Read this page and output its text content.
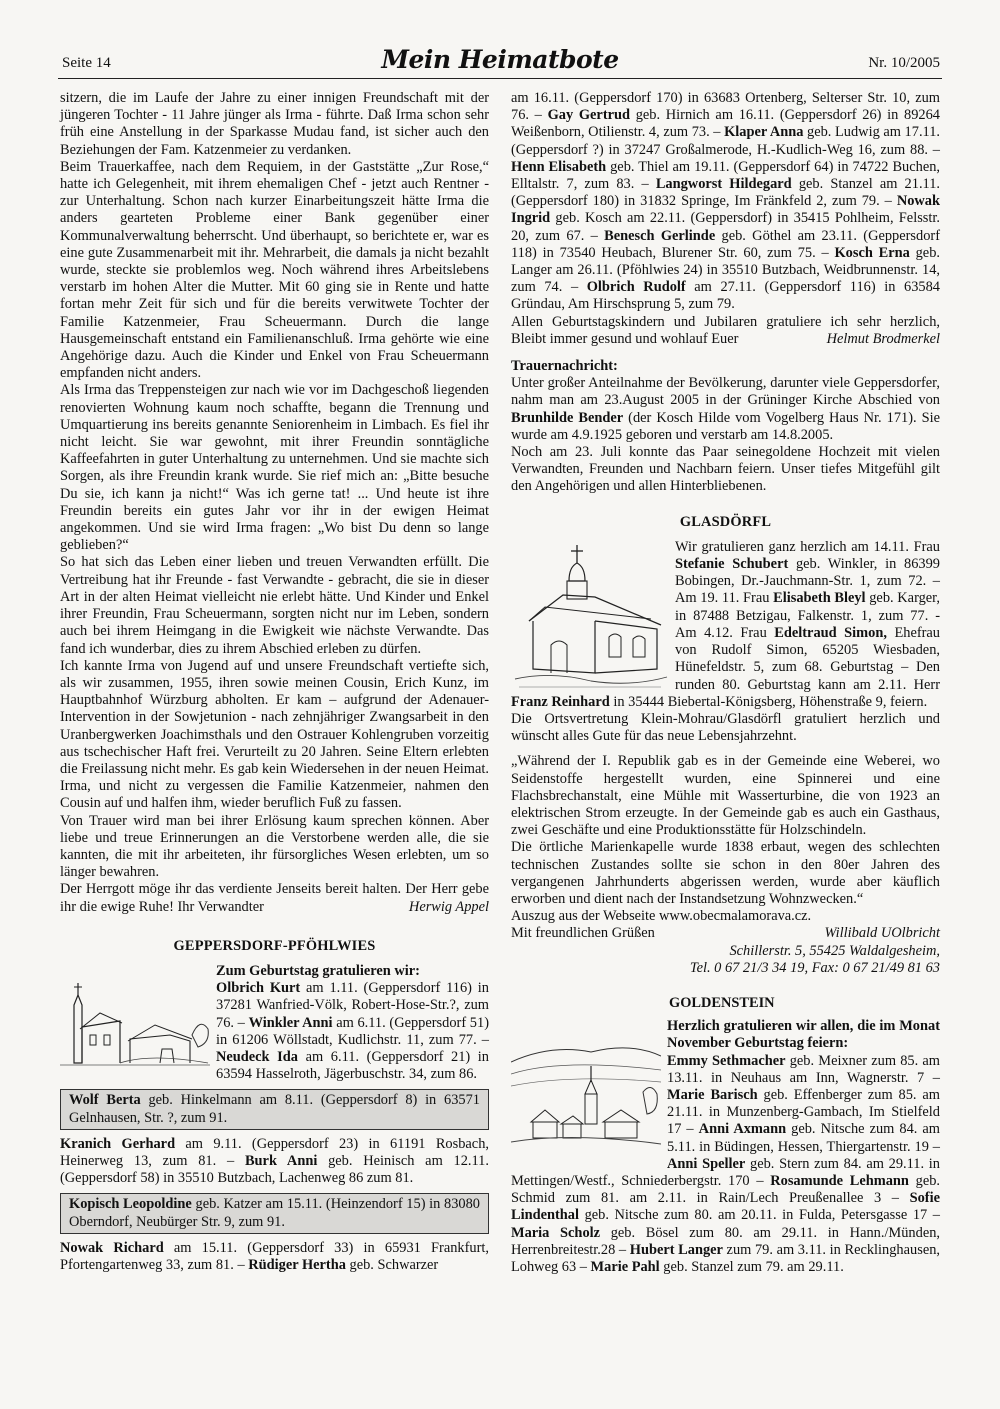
Seite 14	Mein Heimatbote	Nr. 10/2005

sitzern, die im Laufe der Jahre zu einer innigen Freundschaft mit der jüngeren Tochter - 11 Jahre jünger als Irma - führte. Daß Irma schon sehr früh eine Anstellung in der Sparkasse Mudau fand, ist sicher auch den Beziehungen der Fam. Katzenmeier zu verdanken.

Beim Trauerkaffee, nach dem Requiem, in der Gaststätte „Zur Rose,“ hatte ich Gelegenheit, mit ihrem ehemaligen Chef - jetzt auch Rentner - zur Unterhaltung. Schon nach kurzer Einarbeitungszeit hätte Irma die anders gearteten Probleme einer Bank gegenüber einer Kommunalverwaltung beherrscht. Und überhaupt, so berichtete er, war es eine gute Zusammenarbeit mit ihr. Mehrarbeit, die damals ja nicht bezahlt wurde, steckte sie problemlos weg. Noch während ihres Arbeitslebens verstarb im hohen Alter die Mutter. Mit 60 ging sie in Rente und hatte fortan mehr Zeit für sich und für die bereits verwitwete Tochter der Familie Katzenmeier, Frau Scheuermann. Durch die lange Hausgemeinschaft entstand ein Familienanschluß. Irma gehörte wie eine Angehörige dazu. Auch die Kinder und Enkel von Frau Scheuermann empfanden nicht anders.

Als Irma das Treppensteigen zur nach wie vor im Dachgeschoß liegenden renovierten Wohnung kaum noch schaffte, begann die Trennung und Umquartierung ins bereits genannte Seniorenheim in Limbach. Es fiel ihr nicht leicht. Sie war gewohnt, mit ihrer Freundin sonntägliche Kaffeefahrten in guter Unterhaltung zu unternehmen. Und sie machte sich Sorgen, als ihre Freundin krank wurde. Sie rief mich an: „Bitte besuche Du sie, ich kann ja nicht!“ Was ich gerne tat! ... Und heute ist ihre Freundin bereits ein gutes Jahr vor ihr in der ewigen Heimat angekommen. Und sie wird Irma fragen: „Wo bist Du denn so lange geblieben?“

So hat sich das Leben einer lieben und treuen Verwandten erfüllt. Die Vertreibung hat ihr Freunde - fast Verwandte - gebracht, die sie in dieser Art in der alten Heimat vielleicht nie erlebt hätte. Und Kinder und Enkel ihrer Freundin, Frau Scheuermann, sorgten nicht nur im Leben, sondern auch bei ihrem Heimgang in die Ewigkeit wie nächste Verwandte. Das fand ich wunderbar, dies zu ihrem Abschied erleben zu dürfen.

Ich kannte Irma von Jugend auf und unsere Freundschaft vertiefte sich, als wir zusammen, 1955, ihren sowie meinen Cousin, Erich Kunz, im Hauptbahnhof Würzburg abholten. Er kam – aufgrund der Adenauer-Intervention in der Sowjetunion - nach zehnjähriger Zwangsarbeit in den Uranbergwerken Joachimsthals und den Ostrauer Kohlengruben vorzeitig aus tschechischer Haft frei. Verurteilt zu 20 Jahren. Seine Eltern erlebten die Freilassung nicht mehr. Es gab kein Wiedersehen in der neuen Heimat. Irma, und nicht zu vergessen die Familie Katzenmeier, nahmen den Cousin auf und halfen ihm, wieder beruflich Fuß zu fassen.

Von Trauer wird man bei ihrer Erlösung kaum sprechen können. Aber liebe und treue Erinnerungen an die Verstorbene werden alle, die sie kannten, die mit ihr arbeiteten, ihr fürsorgliches Wesen erlebten, um so länger bewahren.

Der Herrgott möge ihr das verdiente Jenseits bereit halten. Der Herr gebe ihr die ewige Ruhe! Ihr Verwandter	Herwig Appel

GEPPERSDORF-PFÖHLWIES

Zum Geburtstag gratulieren wir:

Olbrich Kurt am 1.11. (Geppersdorf 116) in 37281 Wanfried-Völk, Robert-Hose-Str.?, zum 76. – Winkler Anni am 6.11. (Geppersdorf 51) in 61206 Wöllstadt, Kudlichstr. 11, zum 77. – Neudeck Ida am 6.11. (Geppersdorf 21) in 63594 Hasselroth, Jägerbuschstr. 34, zum 86.

Wolf Berta geb. Hinkelmann am 8.11. (Geppersdorf 8) in 63571 Gelnhausen, Str. ?, zum 91.

Kranich Gerhard am 9.11. (Geppersdorf 23) in 61191 Rosbach, Heinerweg 13, zum 81. – Burk Anni geb. Heinisch am 12.11. (Geppersdorf 58) in 35510 Butzbach, Lachenweg 86 zum 81.

Kopisch Leopoldine geb. Katzer am 15.11. (Heinzendorf 15) in 83080 Oberndorf, Neubürger Str. 9, zum 91.

Nowak Richard am 15.11. (Geppersdorf 33) in 65931 Frankfurt, Pfortengartenweg 33, zum 81. – Rüdiger Hertha geb. Schwarzer

am 16.11. (Geppersdorf 170) in 63683 Ortenberg, Selterser Str. 10, zum 76. – Gay Gertrud geb. Hirnich am 16.11. (Geppersdorf 26) in 89264 Weißenborn, Otilienstr. 4, zum 73. – Klaper Anna geb. Ludwig am 17.11. (Geppersdorf ?) in 37247 Großalmerode, H.-Kudlich-Weg 16, zum 88. – Henn Elisabeth geb. Thiel am 19.11. (Geppersdorf 64) in 74722 Buchen, Elltalstr. 7, zum 83. – Langworst Hildegard geb. Stanzel am 21.11. (Geppersdorf 180) in 31832 Springe, Im Fränkfeld 2, zum 79. – Nowak Ingrid geb. Kosch am 22.11. (Geppersdorf) in 35415 Pohlheim, Felsstr. 20, zum 67. – Benesch Gerlinde geb. Göthel am 23.11. (Geppersdorf 118) in 73540 Heubach, Blurener Str. 60, zum 75. – Kosch Erna geb. Langer am 26.11. (Pföhlwies 24) in 35510 Butzbach, Weidbrunnenstr. 14, zum 74. – Olbrich Rudolf am 27.11. (Geppersdorf 116) in 63584 Gründau, Am Hirschsprung 5, zum 79.

Allen Geburtstagskindern und Jubilaren gratuliere ich sehr herzlich, Bleibt immer gesund und wohlauf Euer	Helmut Brodmerkel

Trauernachricht:

Unter großer Anteilnahme der Bevölkerung, darunter viele Geppersdorfer, nahm man am 23.August 2005 in der Grüninger Kirche Abschied von Brunhilde Bender (der Kosch Hilde vom Vogelberg Haus Nr. 171). Sie wurde am 4.9.1925 geboren und verstarb am 14.8.2005.

Noch am 23. Juli konnte das Paar seinegoldene Hochzeit mit vielen Verwandten, Freunden und Nachbarn feiern. Unser tiefes Mitgefühl gilt den Angehörigen und allen Hinterbliebenen.

GLASDÖRFL

Wir gratulieren ganz herzlich am 14.11. Frau Stefanie Schubert geb. Winkler, in 86399 Bobingen, Dr.-Jauchmann-Str. 1, zum 72. – Am 19. 11. Frau Elisabeth Bleyl geb. Karger, in 87488 Betzigau, Falkenstr. 1, zum 77. - Am 4.12. Frau Edeltraud Simon, Ehefrau von Rudolf Simon, 65205 Wiesbaden, Hünefeldstr. 5, zum 68. Geburtstag – Den runden 80. Geburtstag kann am 2.11. Herr Franz Reinhard in 35444 Biebertal-Königsberg, Höhenstraße 9, feiern.

Die Ortsvertretung Klein-Mohrau/Glasdörfl gratuliert herzlich und wünscht alles Gute für das neue Lebensjahrzehnt.

„Während der I. Republik gab es in der Gemeinde eine Weberei, wo Seidenstoffe hergestellt wurden, eine Spinnerei und eine Flachsbrechanstalt, eine Mühle mit Wasserturbine, die von 1923 an elektrischen Strom erzeugte. In der Gemeinde gab es auch ein Gasthaus, zwei Geschäfte und eine Produktionsstätte für Holzschindeln.

Die örtliche Marienkapelle wurde 1838 erbaut, wegen des schlechten technischen Zustandes sollte sie schon in den 80er Jahren des vergangenen Jahrhunderts abgerissen werden, wurde aber käuflich erworben und dient nach der Instandsetzung Wohnzwecken.“

Auszug aus der Webseite www.obecmalamorava.cz.

Mit freundlichen Grüßen	Willibald UOlbricht

Schillerstr. 5, 55425 Waldalgesheim,

Tel. 0 67 21/3 34 19, Fax: 0 67 21/49 81 63

GOLDENSTEIN

Herzlich gratulieren wir allen, die im Monat November Geburtstag feiern:

Emmy Sethmacher geb. Meixner zum 85. am 13.11. in Neuhaus am Inn, Wagnerstr. 7 – Marie Barisch geb. Effenberger zum 85. am 21.11. in Munzenberg-Gambach, Im Stielfeld 17 – Anni Axmann geb. Nitsche zum 84. am 5.11. in Büdingen, Hessen, Thiergartenstr. 19 – Anni Speller geb. Stern zum 84. am 29.11. in Mettingen/Westf., Schniederbergstr. 170 – Rosamunde Lehmann geb. Schmid zum 81. am 2.11. in Rain/Lech Preußenallee 3 – Sofie Lindenthal geb. Nitsche zum 80. am 20.11. in Fulda, Petersgasse 17 – Maria Scholz geb. Bösel zum 80. am 29.11. in Hann./Münden, Herrenbreitestr.28 – Hubert Langer zum 79. am 3.11. in Recklinghausen, Lohweg 63 – Marie Pahl geb. Stanzel zum 79. am 29.11.
